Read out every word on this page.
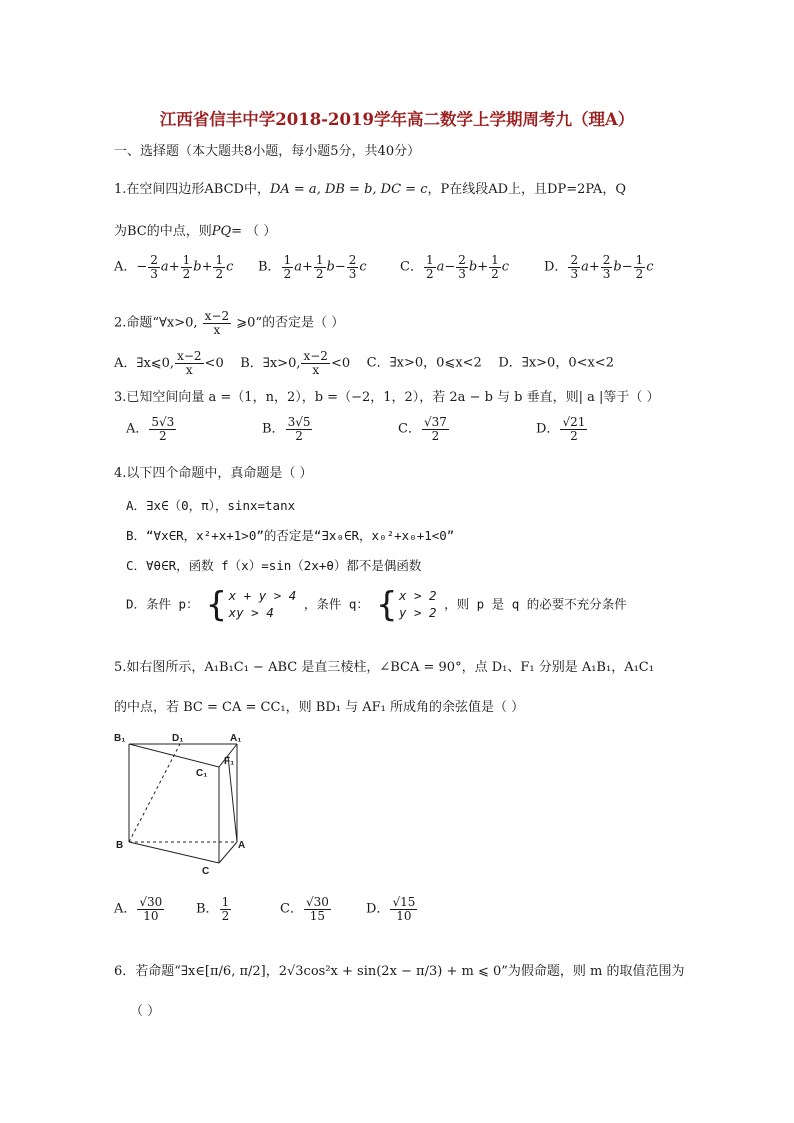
江西省信丰中学2018-2019学年高二数学上学期周考九（理A）
一、选择题（本大题共8小题，每小题5分，共40分）
1.在空间四边形ABCD中，DA = a, DB = b, DC = c，P在线段AD上，且DP=2PA，Q
为BC的中点，则PQ= （ ）
A．− $\frac{2}{3} a+ \frac{1}{2} b+ \frac{1}{2}$ c B． $\frac{1}{2} a+ \frac{1}{2} b- \frac{2}{3}$ c	C． $\frac{1}{2} a- \frac{2}{3} b+ \frac{1}{2}$ c	D． $\frac{2}{3} a+ \frac{2}{3} b- \frac{1}{2}$ c
2.命题“∀x>0, $\frac{x-2}{x}$ ⩾0”的否定是（ ）
A．∃x⩽0, $\frac{x-2}{x} <0$ B．∃x>0, $\frac{x-2}{x} <0$ C．∃x>0，0⩽x<2 D．∃x>0，0<x<2
3.已知空间向量 a =（1，n，2），b =（−2，1，2），若 2a − b 与 b 垂直，则| a |等于（ ）
A． $\frac{5√3}{2}$	B． $\frac{3√5}{2}$	C． $\frac{√37}{2}$	D． $\frac{√21}{2}$
4.以下四个命题中，真命题是（ ）
A．∃x∈（0，π），sinx=tanx
B．“∀x∈R，x²+x+1>0”的否定是“∃x₀∈R，x₀²+x₀+1<0”
C．∀θ∈R，函数 f（x）=sin（2x+θ）都不是偶函数
D．条件 p： { x + y > 4
xy > 4
，条件 q： { x > 2
y > 2
，则 p 是 q 的必要不充分条件
5.如右图所示，A₁B₁C₁ − ABC 是直三棱柱，∠BCA = 90°，点 D₁、F₁ 分别是 A₁B₁，A₁C₁
的中点，若 BC = CA = CC₁，则 BD₁ 与 AF₁ 所成角的余弦值是（ ）
B₁	D₁	A₁
C₁
F₁
B	A
C
A． $\frac{√30}{10}$ B． $\frac{1}{2}$	C． $\frac{√30}{15}$	D． $\frac{√15}{10}$
6．若命题“∃x∈[π/6, π/2]，2√3cos²x + sin(2x − π/3) + m ⩽ 0”为假命题，则 m 的取值范围为
（ ）
